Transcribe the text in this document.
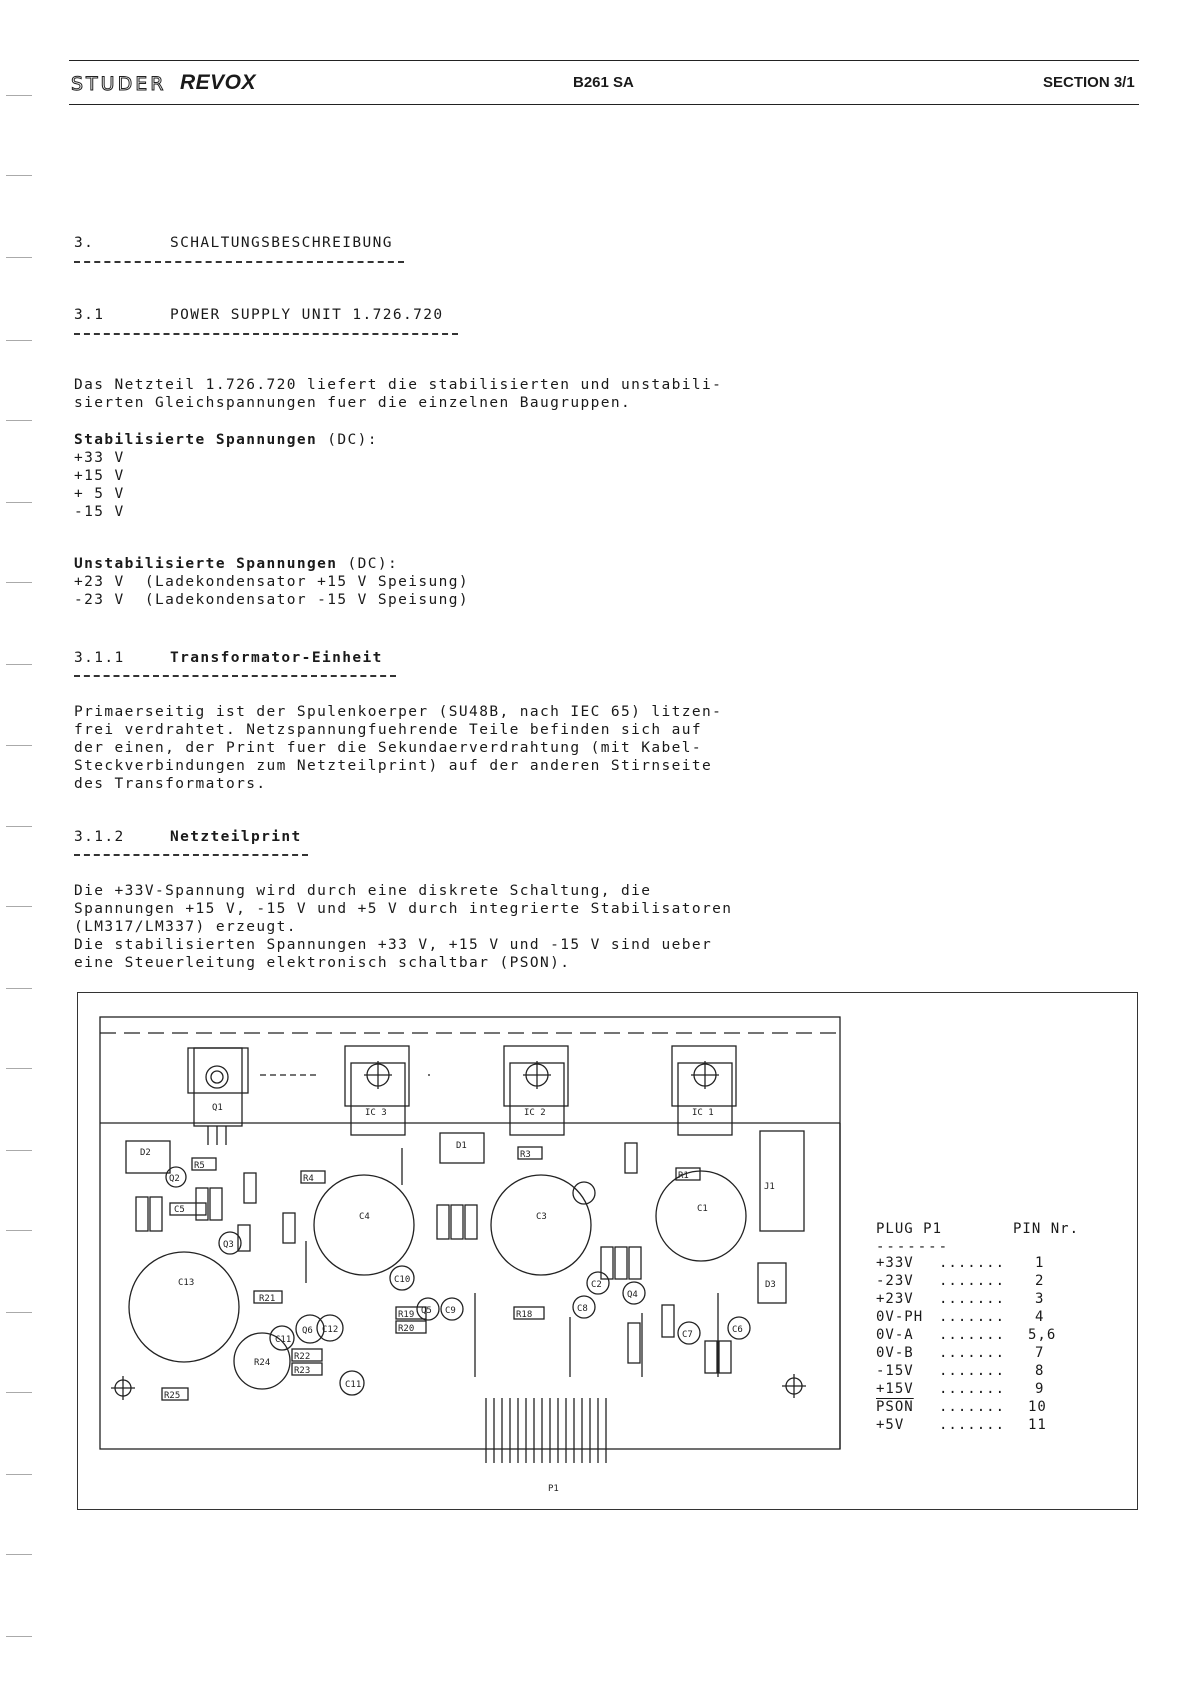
STUDER REVOX	B261 SA	SECTION 3/1
3.	SCHALTUNGSBESCHREIBUNG
3.1	POWER SUPPLY UNIT 1.726.720
Das Netzteil 1.726.720 liefert die stabilisierten und unstabili-
sierten Gleichspannungen fuer die einzelnen Baugruppen.
Stabilisierte Spannungen (DC):
+33 V
+15 V
+ 5 V
-15 V
Unstabilisierte Spannungen (DC):
+23 V  (Ladekondensator +15 V Speisung)
-23 V  (Ladekondensator -15 V Speisung)
3.1.1	Transformator-Einheit
Primaerseitig ist der Spulenkoerper (SU48B, nach IEC 65) litzen-
frei verdrahtet. Netzspannungfuehrende Teile befinden sich auf
der einen, der Print fuer die Sekundaerverdrahtung (mit Kabel-
Steckverbindungen zum Netzteilprint) auf der anderen Stirnseite
des Transformators.
3.1.2	Netzteilprint
Die +33V-Spannung wird durch eine diskrete Schaltung, die
Spannungen +15 V, -15 V und +5 V durch integrierte Stabilisatoren
(LM317/LM337) erzeugt.
Die stabilisierten Spannungen +33 V, +15 V und -15 V sind ueber
eine Steuerleitung elektronisch schaltbar (PSON).
Q1	IC 3	IC 2	IC 1
C13
C4	C3
C1
D2
D1
R24
R5
R4
R3
R1
R21
R19
R20
R18
R22
R23
R25
Q2
Q3
C12
Q6
C11
C10
Q5 C9
C11
C8
C2
Q4
C7	C6
C5
J1
D3
P1
PLUG P1	PIN Nr.
-------
+33V ....... 1
-23V ....... 2
+23V ....... 3
0V-PH ....... 4
0V-A ....... 5,6
0V-B ....... 7
-15V ....... 8
+15V ....... 9
PSON ....... 10
+5V ....... 11
